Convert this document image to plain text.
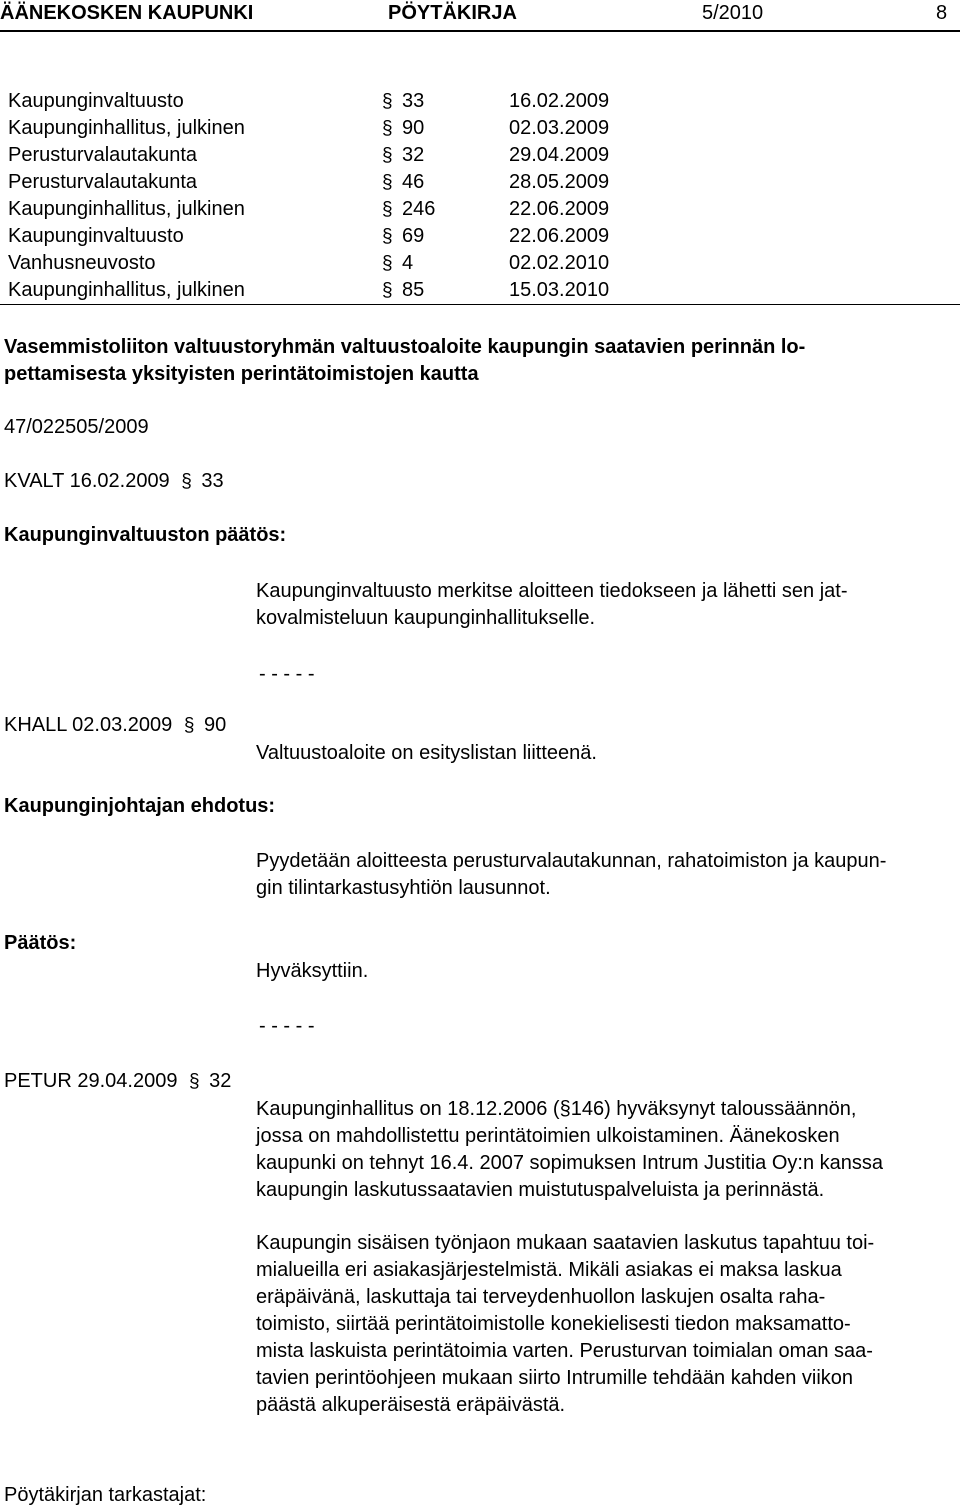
ÄÄNEKOSKEN KAUPUNKI	PÖYTÄKIRJA	5/2010	8
Kaupunginvaltuusto	§ 33	16.02.2009
Kaupunginhallitus, julkinen	§ 90	02.03.2009
Perusturvalautakunta	§ 32	29.04.2009
Perusturvalautakunta	§ 46	28.05.2009
Kaupunginhallitus, julkinen	§ 246	22.06.2009
Kaupunginvaltuusto	§ 69	22.06.2009
Vanhusneuvosto	§ 4	02.02.2010
Kaupunginhallitus, julkinen	§ 85	15.03.2010
Vasemmistoliiton valtuustoryhmän valtuustoaloite kaupungin saatavien perinnän lo-
pettamisesta yksityisten perintätoimistojen kautta
47/022505/2009
KVALT 16.02.2009 § 33
Kaupunginvaltuuston päätös:
Kaupunginvaltuusto merkitse aloitteen tiedokseen ja lähetti sen jat-
kovalmisteluun kaupunginhallitukselle.
- - - - -
KHALL 02.03.2009 § 90
Valtuustoaloite on esityslistan liitteenä.
Kaupunginjohtajan ehdotus:
Pyydetään aloitteesta perusturvalautakunnan, rahatoimiston ja kaupun-
gin tilintarkastusyhtiön lausunnot.
Päätös:
Hyväksyttiin.
- - - - -
PETUR 29.04.2009 § 32
Kaupunginhallitus on 18.12.2006 (§146) hyväksynyt taloussäännön,
jossa on mahdollistettu perintätoimien ulkoistaminen. Äänekosken
kaupunki on tehnyt 16.4. 2007 sopimuksen Intrum Justitia Oy:n kanssa
kaupungin laskutussaatavien muistutuspalveluista ja perinnästä.
Kaupungin sisäisen työnjaon mukaan saatavien laskutus tapahtuu toi-
mialueilla eri asiakasjärjestelmistä. Mikäli asiakas ei maksa laskua
eräpäivänä, laskuttaja tai terveydenhuollon laskujen osalta raha-
toimisto, siirtää perintätoimistolle konekielisesti tiedon maksamatto-
mista laskuista perintätoimia varten. Perusturvan toimialan oman saa-
tavien perintöohjeen mukaan siirto Intrumille tehdään kahden viikon
päästä alkuperäisestä eräpäivästä.
Pöytäkirjan tarkastajat:
